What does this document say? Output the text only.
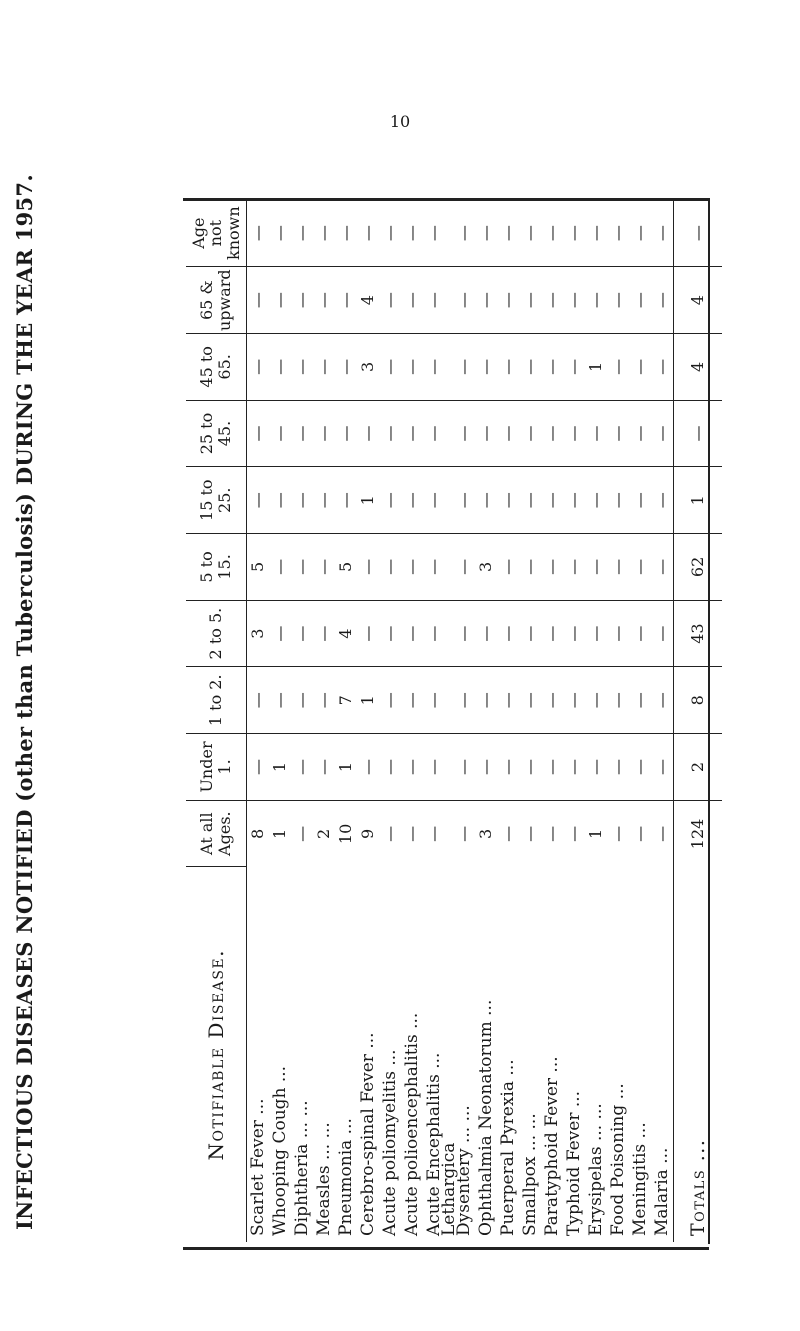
10
INFECTIOUS DISEASES NOTIFIED (other than Tuberculosis) DURING THE YEAR 1957.	Notifiable Disease.	At all Ages.	Under 1.	1 to 2.	2 to 5.	5 to 15.	15 to 25.	25 to 45.	45 to 65.	65 & upward	Age not known
Scarlet Fever ...	8	—	—	3	5	—	—	—	—	—
Whooping Cough ...	1	1	—	—	—	—	—	—	—	—
Diphtheria ... ...	—	—	—	—	—	—	—	—	—	—
Measles ... ...	2	—	—	—	—	—	—	—	—	—
Pneumonia ...	10	1	7	4	5	—	—	—	—	—
Cerebro-spinal Fever ...	9	—	1	—	—	1	—	3	4	—
Acute poliomyelitis ...	—	—	—	—	—	—	—	—	—	—
Acute polioencephalitis ...	—	—	—	—	—	—	—	—	—	—
Acute Encephalitis ...	—	—	—	—	—	—	—	—	—	—
Lethargica										
Dysentery ... ...	—	—	—	—	—	—	—	—	—	—
Ophthalmia Neonatorum ...	3	—	—	—	3	—	—	—	—	—
Puerperal Pyrexia ...	—	—	—	—	—	—	—	—	—	—
Smallpox ... ...	—	—	—	—	—	—	—	—	—	—
Paratyphoid Fever ...	—	—	—	—	—	—	—	—	—	—
Typhoid Fever ...	—	—	—	—	—	—	—	—	—	—
Erysipelas ... ...	1	—	—	—	—	—	—	1	—	—
Food Poisoning ...	—	—	—	—	—	—	—	—	—	—
Meningitis ...	—	—	—	—	—	—	—	—	—	—
Malaria ...	—	—	—	—	—	—	—	—	—	—
Totals ...	124	2	8	43	62	1	—	4	4	—
